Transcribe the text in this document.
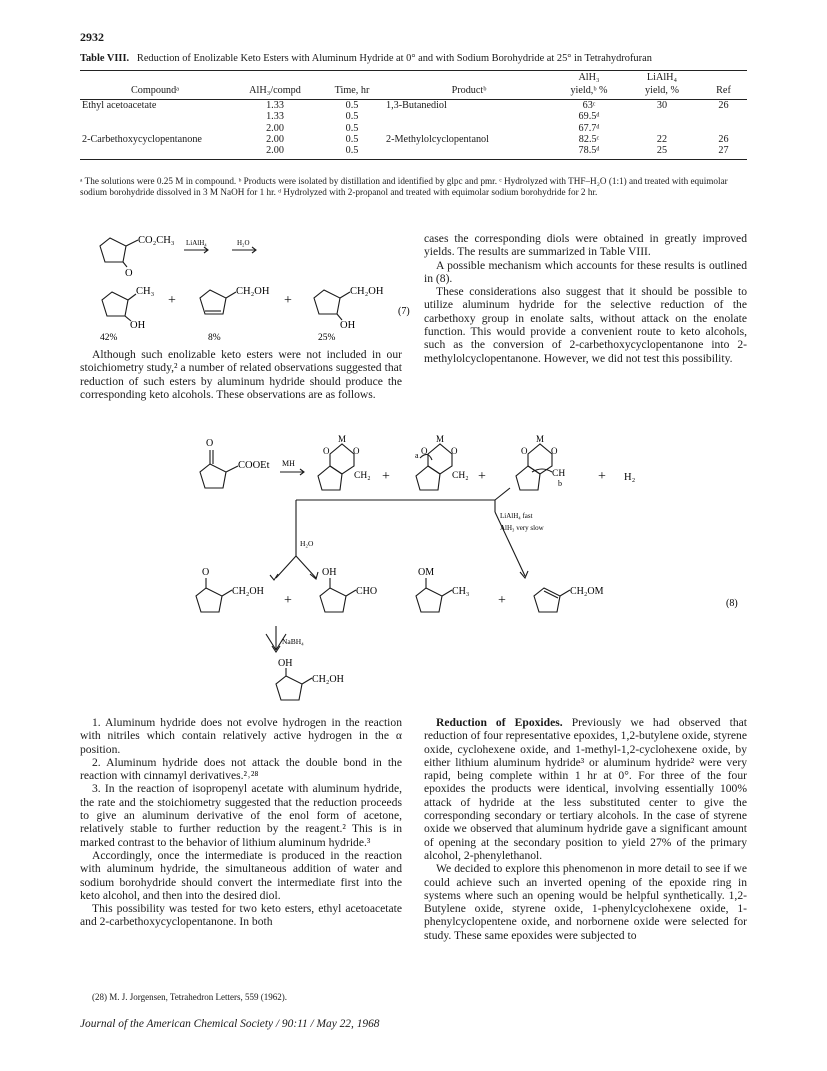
2932
Table VIII. Reduction of Enolizable Keto Esters with Aluminum Hydride at 0° and with Sodium Borohydride at 25° in Tetrahydrofuran
				AlH₃	LiAlH₄	
Compoundᵃ	AlH₃/compd	Time, hr	Productᵇ	yield,ᵇ %	yield, %	Ref
Ethyl acetoacetate	1.33	0.5	1,3-Butanediol	63ᶜ	30	26
	1.33	0.5		69.5ᵈ		
	2.00	0.5		67.7ᵈ		
2-Carbethoxycyclopentanone	2.00	0.5	2-Methylolcyclopentanol	82.5ᶜ	22	26
	2.00	0.5		78.5ᵈ	25	27
ᵃ The solutions were 0.25 M in compound. ᵇ Products were isolated by distillation and identified by glpc and pmr. ᶜ Hydrolyzed with THF–H₂O (1:1) and treated with equimolar sodium borohydride dissolved in 3 M NaOH for 1 hr. ᵈ Hydrolyzed with 2-propanol and treated with equimolar sodium borohydride for 2 hr.
CO₂CH₃
O
LiAlH₄	H₂O
CH₃
OH
+
CH₂OH
+
CH₂OH
OH
(7)
42%	8%	25%

Although such enolizable keto esters were not included in our stoichiometry study,² a number of related observations suggested that reduction of such esters by aluminum hydride should produce the corresponding keto alcohols. These observations are as follows.

cases the corresponding diols were obtained in greatly improved yields. The results are summarized in Table VIII.

A possible mechanism which accounts for these results is outlined in (8).

These considerations also suggest that it should be possible to utilize aluminum hydride for the selective reduction of the carbethoxy group in enolate salts, without attack on the enolate function. This would provide a convenient route to keto alcohols, such as the conversion of 2-carbethoxycyclopentanone into 2-methylolcyclopentanone. However, we did not test this possibility.

O
COOEt MH
O
M
O
CH₂ +
O
M
O
a
CH₂ +
O
M
O
CH
b	+ H₂
H₂O
LiAlH₄ fast
AlH₃ very slow
O
CH₂OH
+
OH
CHO
OM
CH₃
+
CH₂OM
(8)
NaBH₄
OH
CH₂OH

1. Aluminum hydride does not evolve hydrogen in the reaction with nitriles which contain relatively active hydrogen in the α position.

2. Aluminum hydride does not attack the double bond in the reaction with cinnamyl derivatives.²˒²⁸

3. In the reaction of isopropenyl acetate with aluminum hydride, the rate and the stoichiometry suggested that the reduction proceeds to give an aluminum derivative of the enol form of acetone, relatively stable to further reduction by the reagent.² This is in marked contrast to the behavior of lithium aluminum hydride.³

Accordingly, once the intermediate is produced in the reaction with aluminum hydride, the simultaneous addition of water and sodium borohydride should convert the intermediate first into the keto alcohol, and then into the desired diol.

This possibility was tested for two keto esters, ethyl acetoacetate and 2-carbethoxycyclopentanone. In both

(28) M. J. Jorgensen, Tetrahedron Letters, 559 (1962).

Reduction of Epoxides. Previously we had observed that reduction of four representative epoxides, 1,2-butylene oxide, styrene oxide, cyclohexene oxide, and 1-methyl-1,2-cyclohexene oxide, by either lithium aluminum hydride³ or aluminum hydride² were very rapid, being complete within 1 hr at 0°. For three of the four epoxides the products were identical, involving essentially 100% attack of hydride at the less substituted center to give the corresponding secondary or tertiary alcohols. In the case of styrene oxide we observed that aluminum hydride gave a significant amount of opening at the secondary position to yield 27% of the primary alcohol, 2-phenylethanol.

We decided to explore this phenomenon in more detail to see if we could achieve such an inverted opening of the epoxide ring in systems where such an opening would be helpful synthetically. 1,2-Butylene oxide, styrene oxide, 1-phenylcyclohexene oxide, 1-phenylcyclopentene oxide, and norbornene oxide were selected for study. These same epoxides were subjected to

Journal of the American Chemical Society / 90:11 / May 22, 1968
